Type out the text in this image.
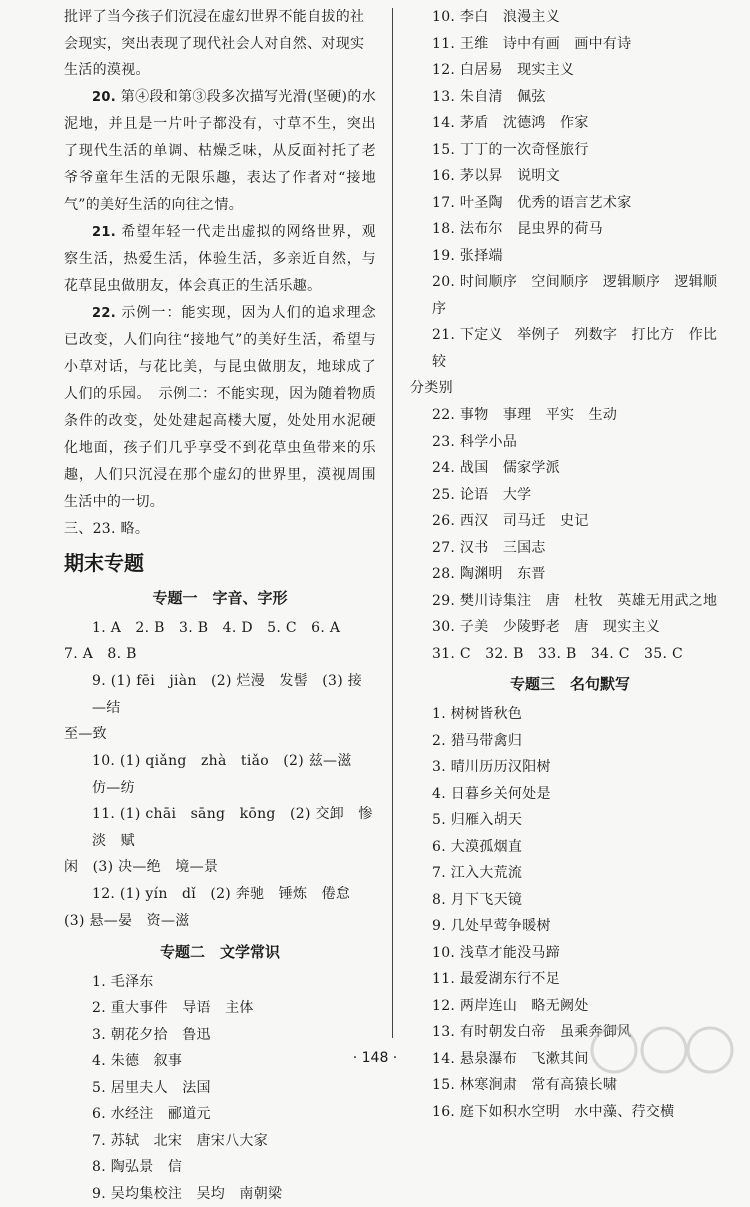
批评了当今孩子们沉浸在虚幻世界不能自拔的社会现实，突出表现了现代社会人对自然、对现实生活的漠视。

20. 第④段和第③段多次描写光滑(坚硬)的水泥地，并且是一片叶子都没有，寸草不生，突出了现代生活的单调、枯燥乏味，从反面衬托了老爷爷童年生活的无限乐趣，表达了作者对“接地气”的美好生活的向往之情。

21. 希望年轻一代走出虚拟的网络世界，观察生活，热爱生活，体验生活，多亲近自然，与花草昆虫做朋友，体会真正的生活乐趣。

22. 示例一：能实现，因为人们的追求理念已改变，人们向往“接地气”的美好生活，希望与小草对话，与花比美，与昆虫做朋友，地球成了人们的乐园。　示例二：不能实现，因为随着物质条件的改变，处处建起高楼大厦，处处用水泥硬化地面，孩子们几乎享受不到花草虫鱼带来的乐趣，人们只沉浸在那个虚幻的世界里，漠视周围生活中的一切。

三、23. 略。

期末专题
专题一　字音、字形

1. A　2. B　3. B　4. D　5. C　6. A

7. A　8. B

9. (1) fēi　jiàn　(2) 烂漫　发髻　(3) 接—结

至—致

10. (1) qiǎng　zhà　tiǎo　(2) 兹—滋　仿—纺

11. (1) chāi　sāng　kōng　(2) 交卸　惨淡　赋

闲　(3) 决—绝　境—景

12. (1) yín　dǐ　(2) 奔驰　锤炼　倦怠

(3) 悬—晏　资—滋

专题二　文学常识

1. 毛泽东

2. 重大事件　导语　主体

3. 朝花夕拾　鲁迅

4. 朱德　叙事

5. 居里夫人　法国

6. 水经注　郦道元

7. 苏轼　北宋　唐宋八大家

8. 陶弘景　信

9. 吴均集校注　吴均　南朝梁

10. 李白　浪漫主义

11. 王维　诗中有画　画中有诗

12. 白居易　现实主义

13. 朱自清　佩弦

14. 茅盾　沈德鸿　作家

15. 丁丁的一次奇怪旅行

16. 茅以昇　说明文

17. 叶圣陶　优秀的语言艺术家

18. 法布尔　昆虫界的荷马

19. 张择端

20. 时间顺序　空间顺序　逻辑顺序　逻辑顺序

21. 下定义　举例子　列数字　打比方　作比较

分类别

22. 事物　事理　平实　生动

23. 科学小品

24. 战国　儒家学派

25. 论语　大学

26. 西汉　司马迁　史记

27. 汉书　三国志

28. 陶渊明　东晋

29. 樊川诗集注　唐　杜牧　英雄无用武之地

30. 子美　少陵野老　唐　现实主义

31. C　32. B　33. B　34. C　35. C

专题三　名句默写

1. 树树皆秋色

2. 猎马带禽归

3. 晴川历历汉阳树

4. 日暮乡关何处是

5. 归雁入胡天

6. 大漠孤烟直

7. 江入大荒流

8. 月下飞天镜

9. 几处早莺争暖树

10. 浅草才能没马蹄

11. 最爱湖东行不足

12. 两岸连山　略无阙处

13. 有时朝发白帝　虽乘奔御风

14. 悬泉瀑布　飞漱其间

15. 林寒涧肃　常有高猿长啸

16. 庭下如积水空明　水中藻、荇交横

· 148 ·
